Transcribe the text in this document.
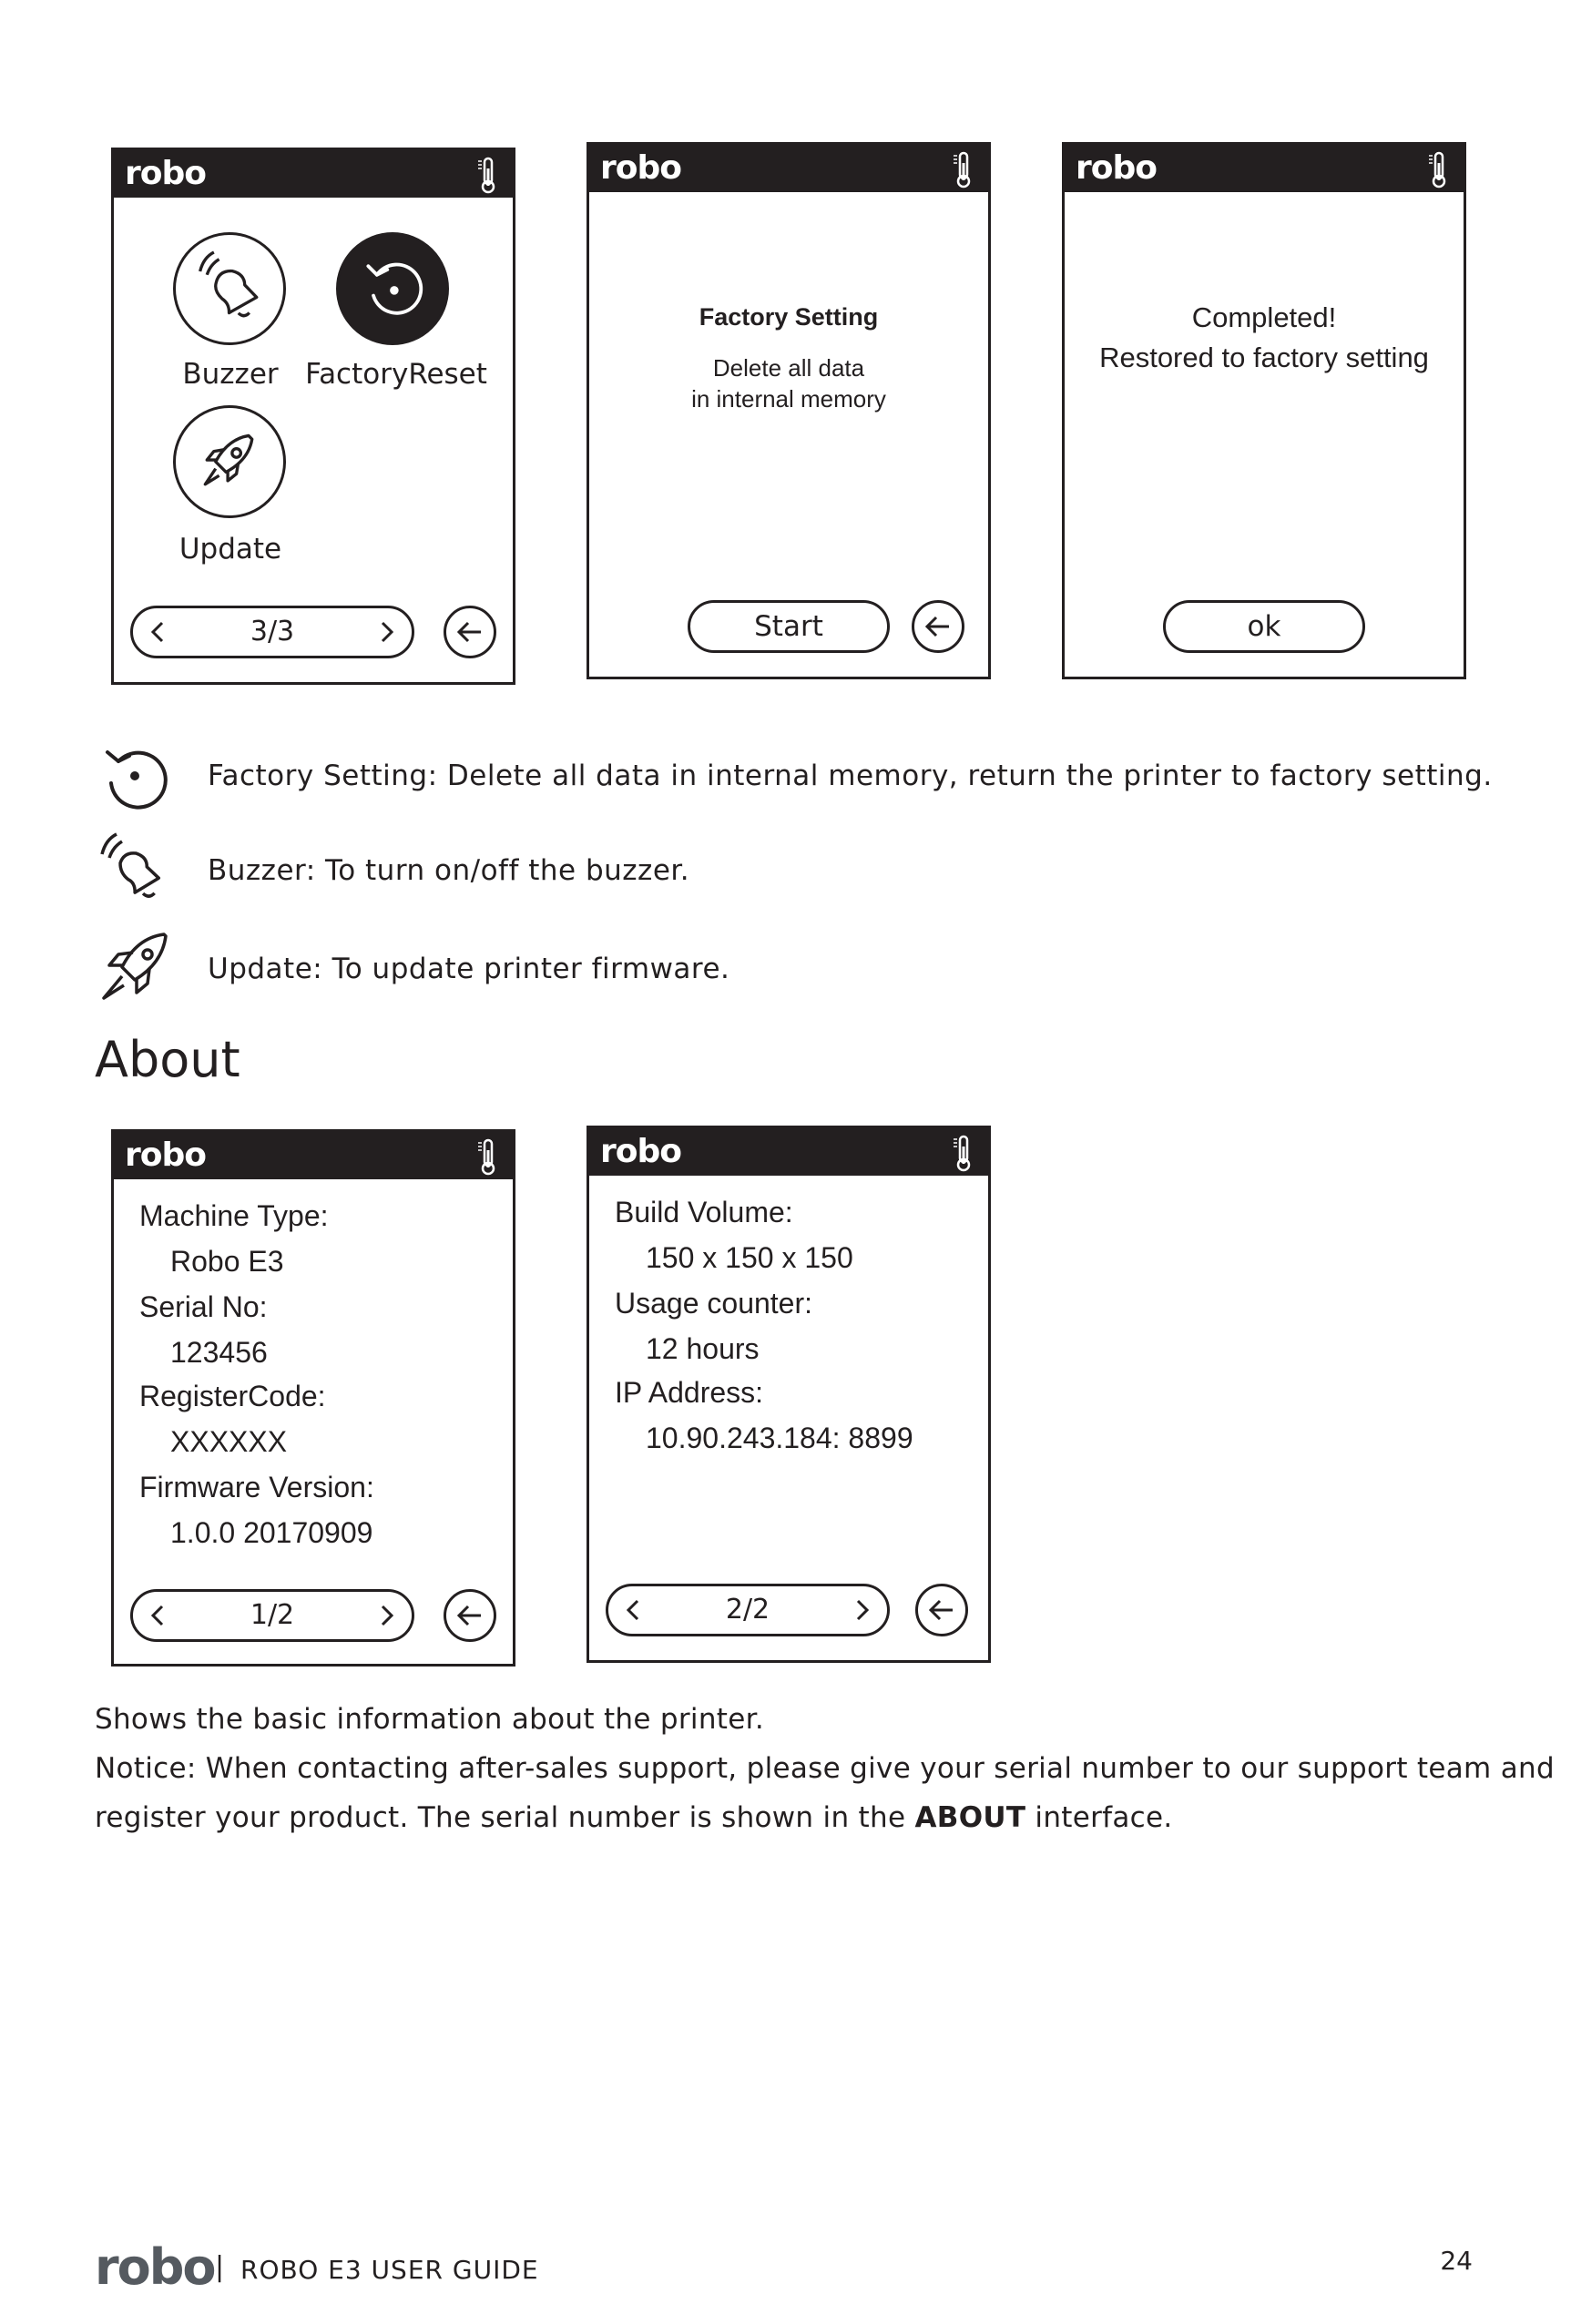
robo
Buzzer FactoryReset
Update
3/3
robo
Factory Setting
Delete all data
in internal memory
Start
robo
Completed!
Restored to factory setting
ok
Factory Setting: Delete all data in internal memory, return the printer to factory setting.
Buzzer: To turn on/off the buzzer.
Update: To update printer firmware.
About
robo
Machine Type:
Robo E3
Serial No:
123456
RegisterCode:
XXXXXX
Firmware Version:
1.0.0 20170909
1/2
robo
Build Volume:
150 x 150 x 150
Usage counter:
12 hours
IP Address:
10.90.243.184: 8899
2/2
Shows the basic information about the printer.
Notice: When contacting after-sales support, please give your serial number to our support team and
register your product. The serial number is shown in the ABOUT interface.
robo | ROBO E3 USER GUIDE	24
